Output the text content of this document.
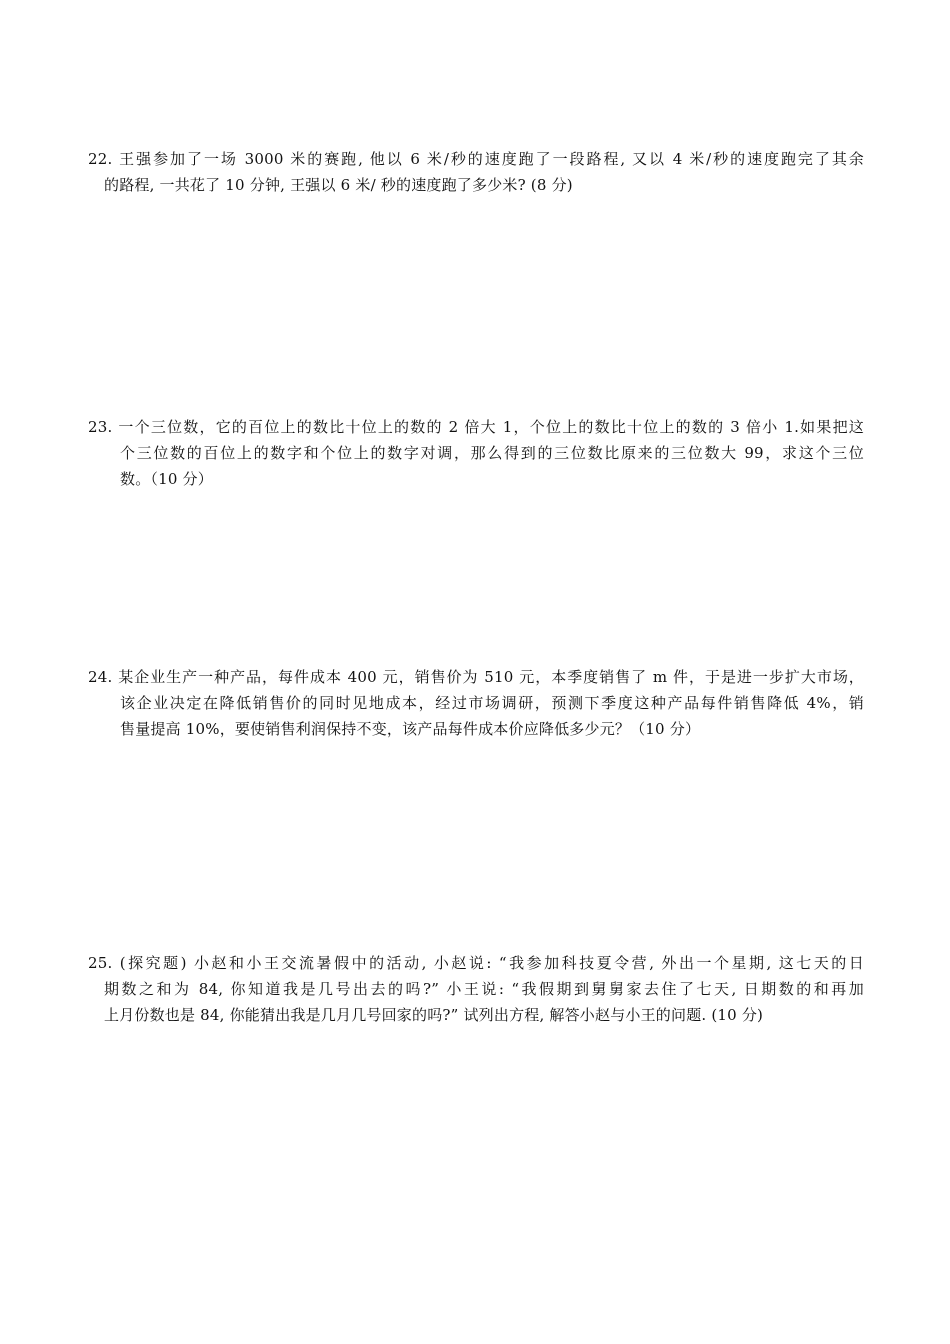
22. 王强参加了一场 3000 米的赛跑, 他以 6 米/秒的速度跑了一段路程, 又以 4 米/秒的速度跑完了其余
的路程, 一共花了 10 分钟, 王强以 6 米/ 秒的速度跑了多少米? (8 分)
23. 一个三位数，它的百位上的数比十位上的数的 2 倍大 1，个位上的数比十位上的数的 3 倍小 1.如果把这
个三位数的百位上的数字和个位上的数字对调，那么得到的三位数比原来的三位数大 99，求这个三位
数。（10 分）
24. 某企业生产一种产品，每件成本 400 元，销售价为 510 元，本季度销售了 m 件，于是进一步扩大市场，
该企业决定在降低销售价的同时见地成本，经过市场调研，预测下季度这种产品每件销售降低 4%，销
售量提高 10%，要使销售利润保持不变，该产品每件成本价应降低多少元？（10 分）
25. (探究题) 小赵和小王交流暑假中的活动, 小赵说: “我参加科技夏令营, 外出一个星期, 这七天的日
期数之和为 84, 你知道我是几号出去的吗?” 小王说: “我假期到舅舅家去住了七天, 日期数的和再加
上月份数也是 84, 你能猜出我是几月几号回家的吗?” 试列出方程, 解答小赵与小王的问题. (10 分)
